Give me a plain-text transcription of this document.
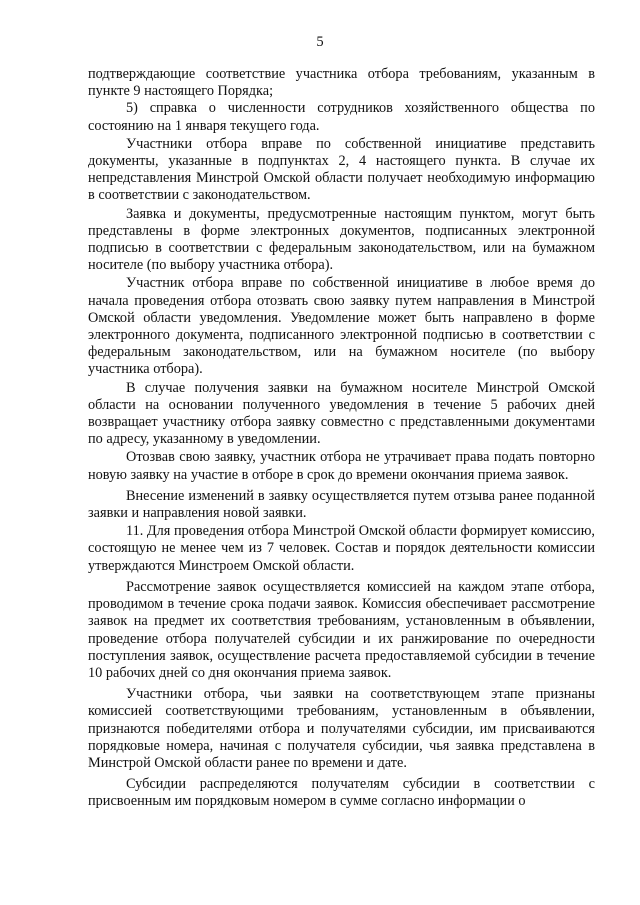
5

подтверждающие соответствие участника отбора требованиям, указанным в пункте 9 настоящего Порядка;

5) справка о численности сотрудников хозяйственного общества по состоянию на 1 января текущего года.

Участники отбора вправе по собственной инициативе представить документы, указанные в подпунктах 2, 4 настоящего пункта. В случае их непредставления Минстрой Омской области получает необходимую информацию в соответствии с законодательством.

Заявка и документы, предусмотренные настоящим пунктом, могут быть представлены в форме электронных документов, подписанных электронной подписью в соответствии с федеральным законодательством, или на бумажном носителе (по выбору участника отбора).

Участник отбора вправе по собственной инициативе в любое время до начала проведения отбора отозвать свою заявку путем направления в Минстрой Омской области уведомления. Уведомление может быть направлено в форме электронного документа, подписанного электронной подписью в соответствии с федеральным законодательством, или на бумажном носителе (по выбору участника отбора).

В случае получения заявки на бумажном носителе Минстрой Омской области на основании полученного уведомления в течение 5 рабочих дней возвращает участнику отбора заявку совместно с представленными документами по адресу, указанному в уведомлении.

Отозвав свою заявку, участник отбора не утрачивает права подать повторно новую заявку на участие в отборе в срок до времени окончания приема заявок.

Внесение изменений в заявку осуществляется путем отзыва ранее поданной заявки и направления новой заявки.

11. Для проведения отбора Минстрой Омской области формирует комиссию, состоящую не менее чем из 7 человек. Состав и порядок деятельности комиссии утверждаются Минстроем Омской области.

Рассмотрение заявок осуществляется комиссией на каждом этапе отбора, проводимом в течение срока подачи заявок. Комиссия обеспечивает рассмотрение заявок на предмет их соответствия требованиям, установленным в объявлении, проведение отбора получателей субсидии и их ранжирование по очередности поступления заявок, осуществление расчета предоставляемой субсидии в течение 10 рабочих дней со дня окончания приема заявок.

Участники отбора, чьи заявки на соответствующем этапе признаны комиссией соответствующими требованиям, установленным в объявлении, признаются победителями отбора и получателями субсидии, им присваиваются порядковые номера, начиная с получателя субсидии, чья заявка представлена в Минстрой Омской области ранее по времени и дате.

Субсидии распределяются получателям субсидии в соответствии с присвоенным им порядковым номером в сумме согласно информации о
